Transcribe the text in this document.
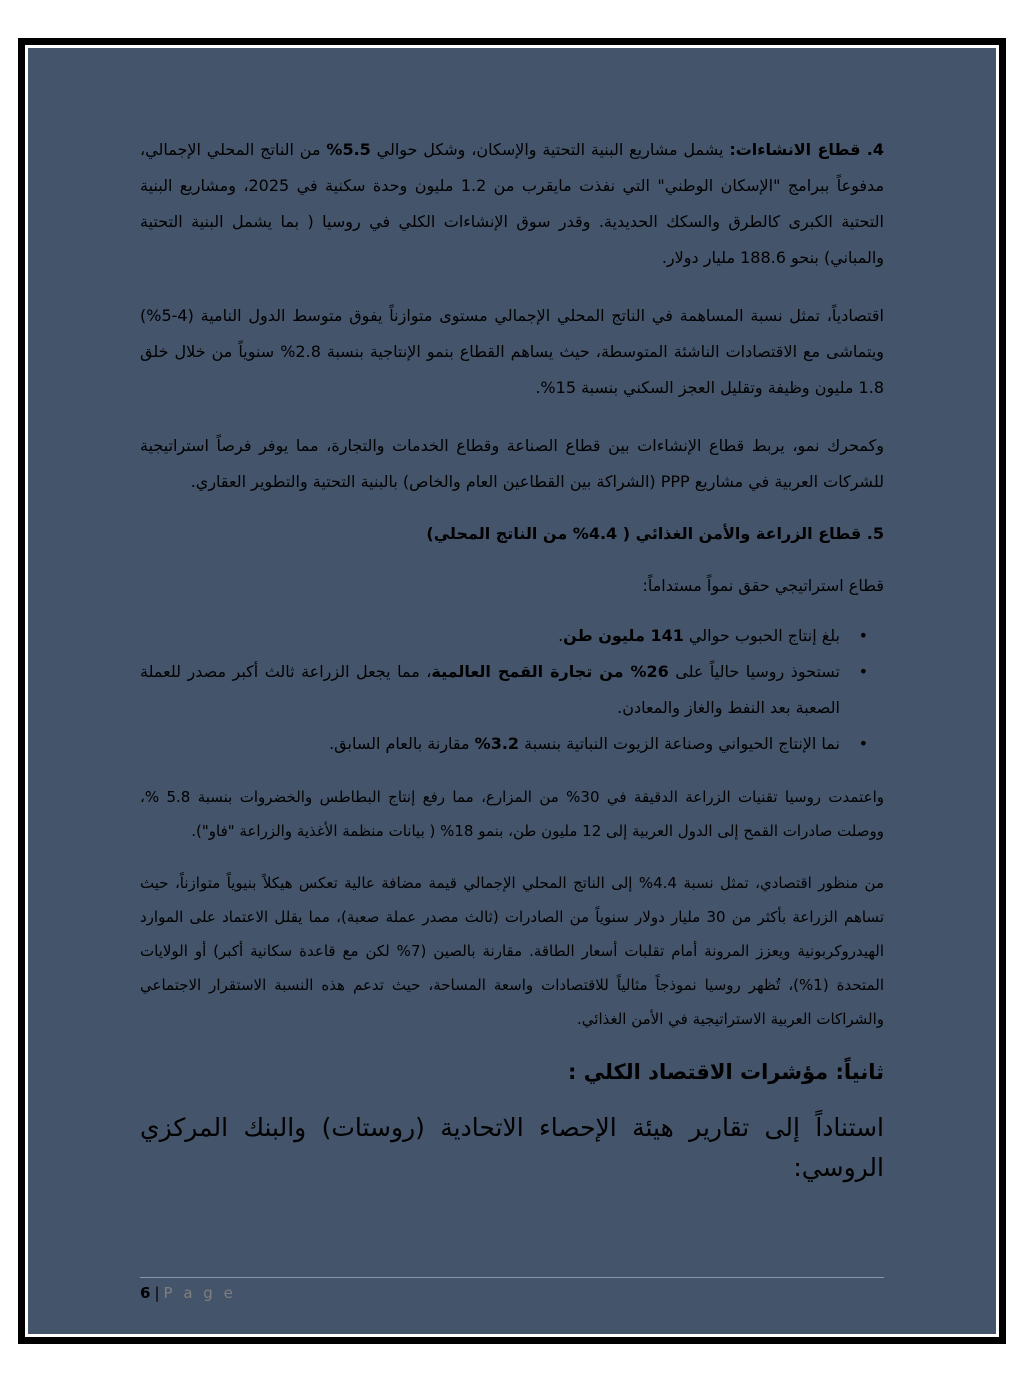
4. قطاع الانشاءات: يشمل مشاريع البنية التحتية والإسكان، وشكل حوالي 5.5% من الناتج المحلي الإجمالي، مدفوعاً ببرامج "الإسكان الوطني" التي نفذت مايقرب من 1.2 مليون وحدة سكنية في 2025، ومشاريع البنية التحتية الكبرى كالطرق والسكك الحديدية. وقدر سوق الإنشاءات الكلي في روسيا ( بما يشمل البنية التحتية والمباني) بنحو 188.6 مليار دولار.

اقتصادياً، تمثل نسبة المساهمة في الناتج المحلي الإجمالي مستوى متوازناً يفوق متوسط الدول النامية (4-5%) ويتماشى مع الاقتصادات الناشئة المتوسطة، حيث يساهم القطاع بنمو الإنتاجية بنسبة 2.8% سنوياً من خلال خلق 1.8 مليون وظيفة وتقليل العجز السكني بنسبة 15%.

وكمحرك نمو، يربط قطاع الإنشاءات بين قطاع الصناعة وقطاع الخدمات والتجارة، مما يوفر فرصاً استراتيجية للشركات العربية في مشاريع PPP (الشراكة بين القطاعين العام والخاص) بالبنية التحتية والتطوير العقاري.

5. قطاع الزراعة والأمن الغذائي ( 4.4% من الناتج المحلي)

قطاع استراتيجي حقق نمواً مستداماً:

•
بلغ إنتاج الحبوب حوالي 141 مليون طن.
•
تستحوذ روسيا حالياً على 26% من تجارة القمح العالمية، مما يجعل الزراعة ثالث أكبر مصدر للعملة الصعبة بعد النفط والغاز والمعادن.
•
نما الإنتاج الحيواني وصناعة الزيوت النباتية بنسبة 3.2% مقارنة بالعام السابق.

واعتمدت روسيا تقنيات الزراعة الدقيقة في 30% من المزارع، مما رفع إنتاج البطاطس والخضروات بنسبة 5.8 %، ووصلت صادرات القمح إلى الدول العربية إلى 12 مليون طن، بنمو 18% ( بيانات منظمة الأغذية والزراعة "فاو").

من منظور اقتصادي، تمثل نسبة 4.4% إلى الناتج المحلي الإجمالي قيمة مضافة عالية تعكس هيكلاً بنيوياً متوازناً، حيث تساهم الزراعة بأكثر من 30 مليار دولار سنوياً من الصادرات (ثالث مصدر عملة صعبة)، مما يقلل الاعتماد على الموارد الهيدروكربونية ويعزز المرونة أمام تقلبات أسعار الطاقة. مقارنة بالصين (7% لكن مع قاعدة سكانية أكبر) أو الولايات المتحدة (1%)، تُظهر روسيا نموذجاً مثالياً للاقتصادات واسعة المساحة، حيث تدعم هذه النسبة الاستقرار الاجتماعي والشراكات العربية الاستراتيجية في الأمن الغذائي.

ثانياً: مؤشرات الاقتصاد الكلي :

استناداً إلى تقارير هيئة الإحصاء الاتحادية (روستات) والبنك المركزي الروسي:

6 | P a g e
